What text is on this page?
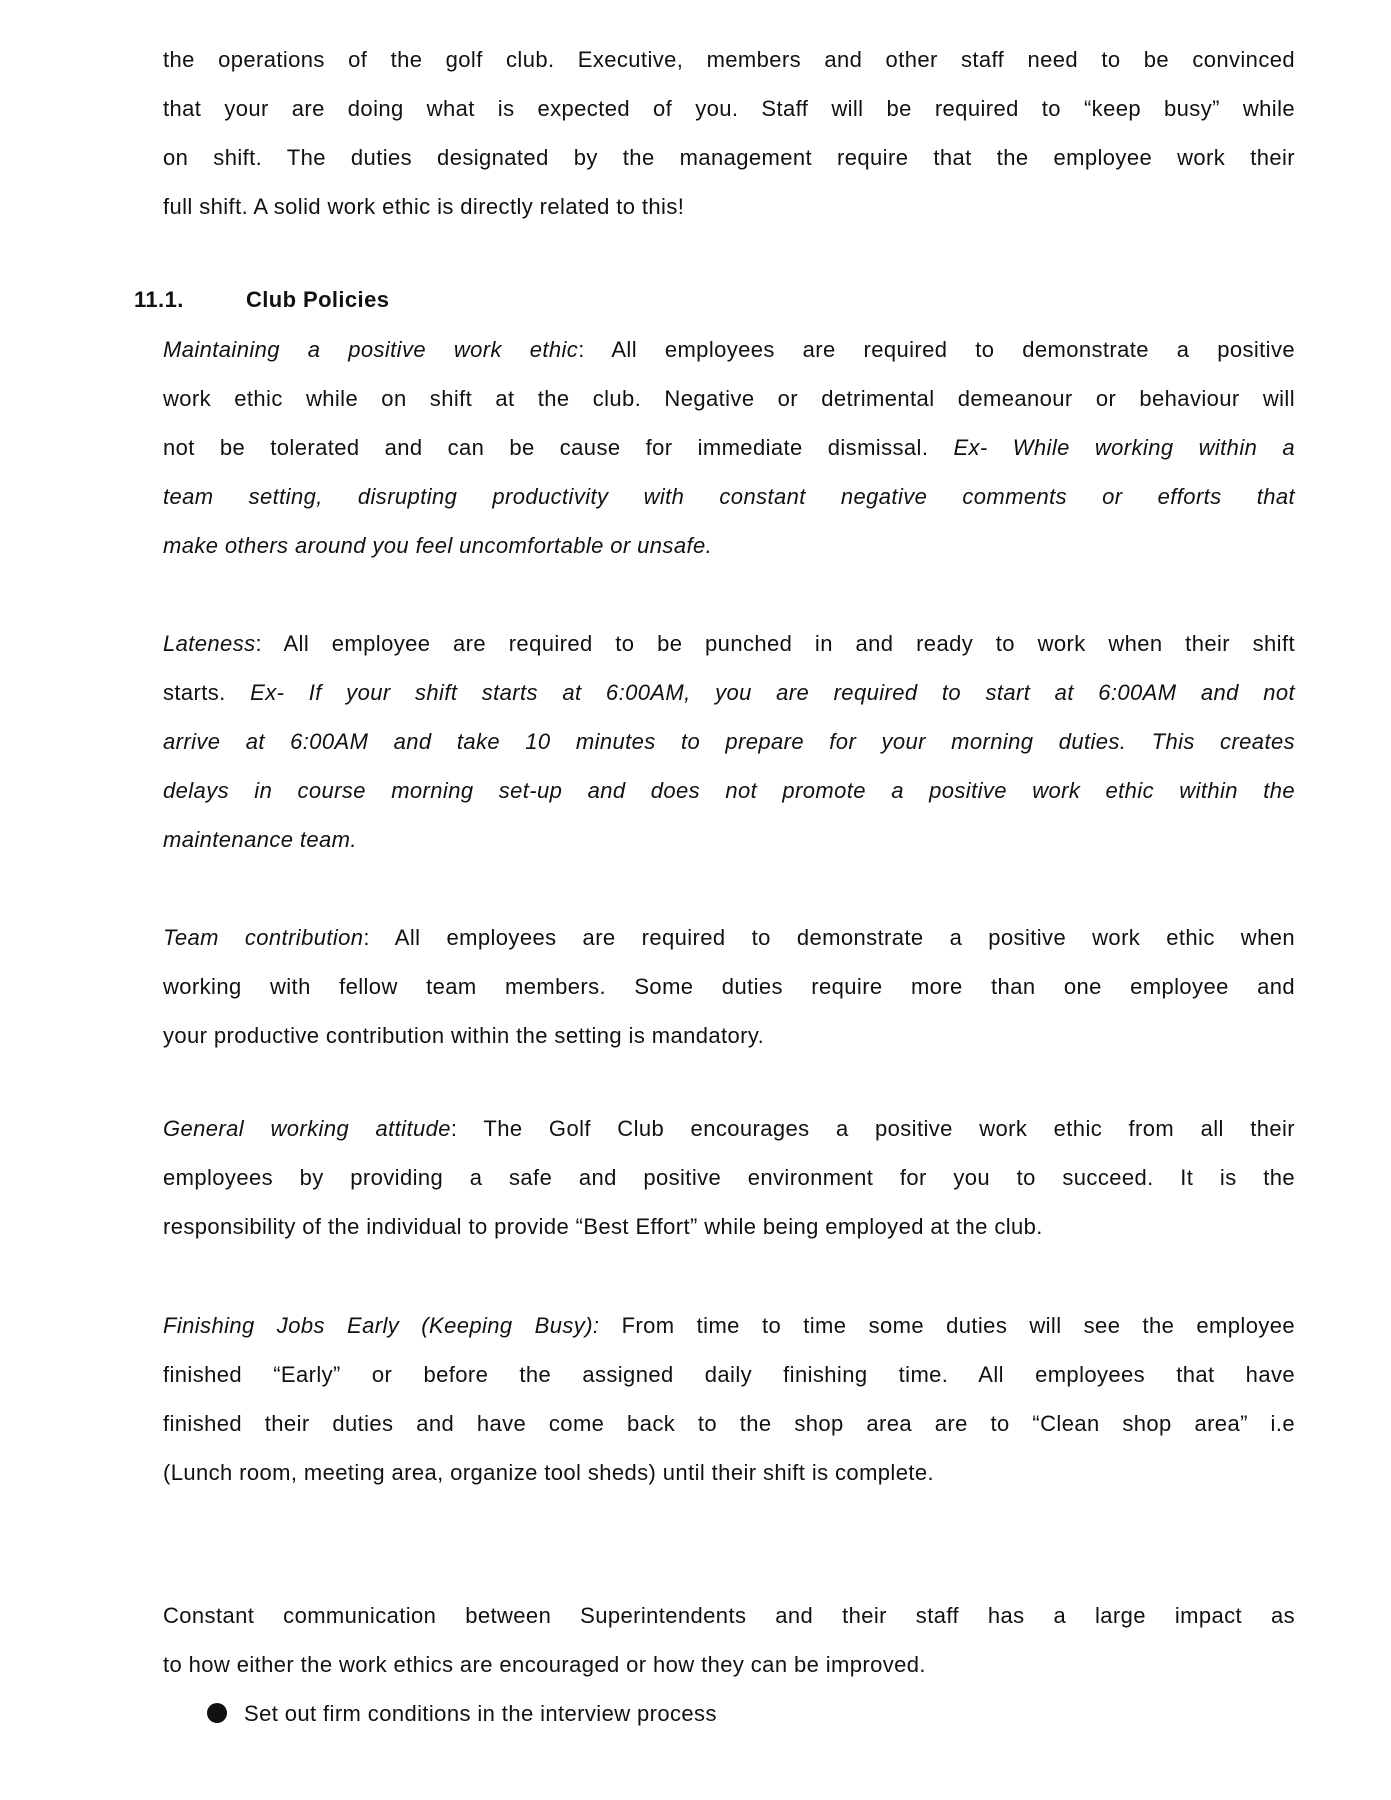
11.1.	Club Policies
the operations of the golf club. Executive, members and other staff need to be convinced
that your are doing what is expected of you. Staff will be required to “keep busy” while
on shift. The duties designated by the management require that the employee work their
full shift. A solid work ethic is directly related to this!
Maintaining a positive work ethic: All employees are required to demonstrate a positive
work ethic while on shift at the club. Negative or detrimental demeanour or behaviour will
not be tolerated and can be cause for immediate dismissal. Ex- While working within a
team setting, disrupting productivity with constant negative comments or efforts that
make others around you feel uncomfortable or unsafe.
Lateness: All employee are required to be punched in and ready to work when their shift
starts. Ex- If your shift starts at 6:00AM, you are required to start at 6:00AM and not
arrive at 6:00AM and take 10 minutes to prepare for your morning duties. This creates
delays in course morning set-up and does not promote a positive work ethic within the
maintenance team.
Team contribution: All employees are required to demonstrate a positive work ethic when
working with fellow team members. Some duties require more than one employee and
your productive contribution within the setting is mandatory.
General working attitude: The Golf Club encourages a positive work ethic from all their
employees by providing a safe and positive environment for you to succeed. It is the
responsibility of the individual to provide “Best Effort” while being employed at the club.
Finishing Jobs Early (Keeping Busy): From time to time some duties will see the employee
finished “Early” or before the assigned daily finishing time. All employees that have
finished their duties and have come back to the shop area are to “Clean shop area” i.e
(Lunch room, meeting area, organize tool sheds) until their shift is complete.
Constant communication between Superintendents and their staff has a large impact as
to how either the work ethics are encouraged or how they can be improved.
Set out firm conditions in the interview process
